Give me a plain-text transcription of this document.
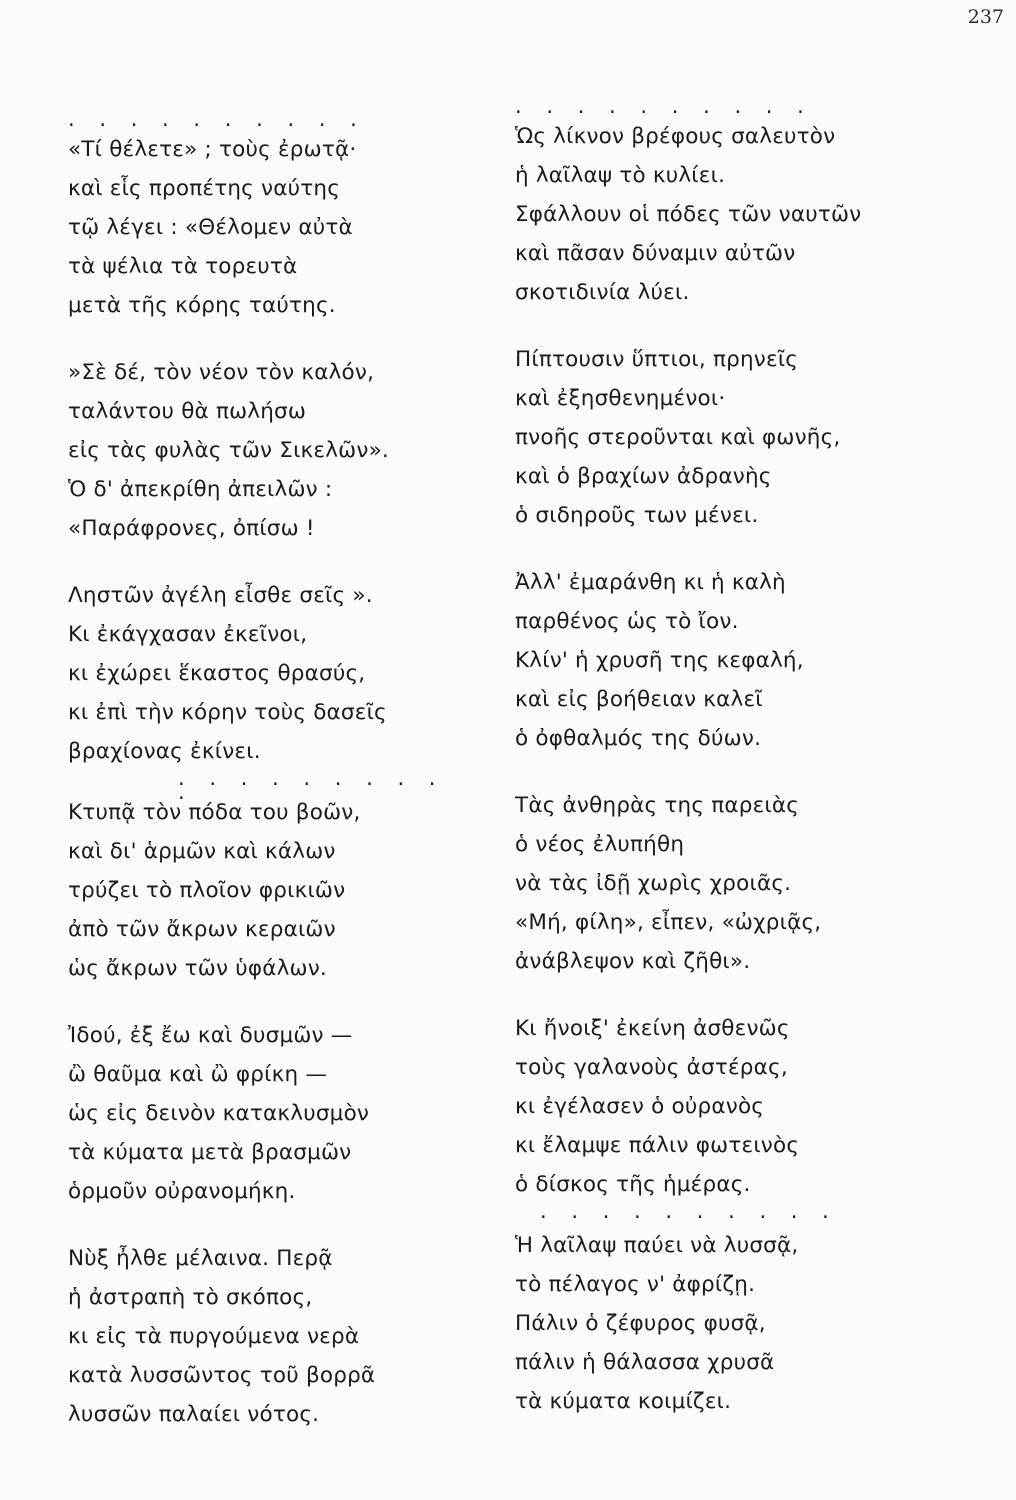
237
. . . . . . . . . .
«Τί θέλετε» ; τοὺς ἐρωτᾷ·
καὶ εἷς προπέτης ναύτης
τῷ λέγει : «Θέλομεν αὐτὰ
τὰ ψέλια τὰ τορευτὰ
μετὰ τῆς κόρης ταύτης.
»Σὲ δέ, τὸν νέον τὸν καλόν,
ταλάντου θὰ πωλήσω
εἰς τὰς φυλὰς τῶν Σικελῶν».
Ὁ δ' ἀπεκρίθη ἀπειλῶν :
«Παράφρονες, ὀπίσω !
Ληστῶν ἀγέλη εἶσθε σεῖς ».
Κι ἐκάγχασαν ἐκεῖνοι,
κι ἐχώρει ἕκαστος θρασύς,
κι ἐπὶ τὴν κόρην τοὺς δασεῖς
βραχίονας ἐκίνει.
. . . . . . . . . .
Κτυπᾷ τὸν πόδα του βοῶν,
καὶ δι' ἁρμῶν καὶ κάλων
τρύζει τὸ πλοῖον φρικιῶν
ἀπὸ τῶν ἄκρων κεραιῶν
ὡς ἄκρων τῶν ὑφάλων.
Ἰδού, ἐξ ἔω καὶ δυσμῶν —
ὢ θαῦμα καὶ ὢ φρίκη —
ὡς εἰς δεινὸν κατακλυσμὸν
τὰ κύματα μετὰ βρασμῶν
ὁρμοῦν οὐρανομήκη.
Νὺξ ἦλθε μέλαινα. Περᾷ
ἡ ἀστραπὴ τὸ σκόπος,
κι εἰς τὰ πυργούμενα νερὰ
κατὰ λυσσῶντος τοῦ βορρᾶ
λυσσῶν παλαίει νότος.
. . . . . . . . . .
Ὡς λίκνον βρέφους σαλευτὸν
ἡ λαῖλαψ τὸ κυλίει.
Σφάλλουν οἱ πόδες τῶν ναυτῶν
καὶ πᾶσαν δύναμιν αὐτῶν
σκοτιδινία λύει.
Πίπτουσιν ὕπτιοι, πρηνεῖς
καὶ ἐξησθενημένοι·
πνοῆς στεροῦνται καὶ φωνῆς,
καὶ ὁ βραχίων ἀδρανὴς
ὁ σιδηροῦς των μένει.
Ἀλλ' ἐμαράνθη κι ἡ καλὴ
παρθένος ὡς τὸ ἴον.
Κλίν' ἡ χρυσῆ της κεφαλή,
καὶ εἰς βοήθειαν καλεῖ
ὁ ὀφθαλμός της δύων.
Τὰς ἀνθηρὰς της παρειὰς
ὁ νέος ἐλυπήθη
νὰ τὰς ἰδῇ χωρὶς χροιᾶς.
«Μή, φίλη», εἶπεν, «ὠχριᾷς,
ἀνάβλεψον καὶ ζῆθι».
Κι ἤνοιξ' ἐκείνη ἀσθενῶς
τοὺς γαλανοὺς ἀστέρας,
κι ἐγέλασεν ὁ οὐρανὸς
κι ἔλαμψε πάλιν φωτεινὸς
ὁ δίσκος τῆς ἡμέρας.
. . . . . . . . . .
Ἡ λαῖλαψ παύει νὰ λυσσᾷ,
τὸ πέλαγος ν' ἀφρίζῃ.
Πάλιν ὁ ζέφυρος φυσᾷ,
πάλιν ἡ θάλασσα χρυσᾶ
τὰ κύματα κοιμίζει.
